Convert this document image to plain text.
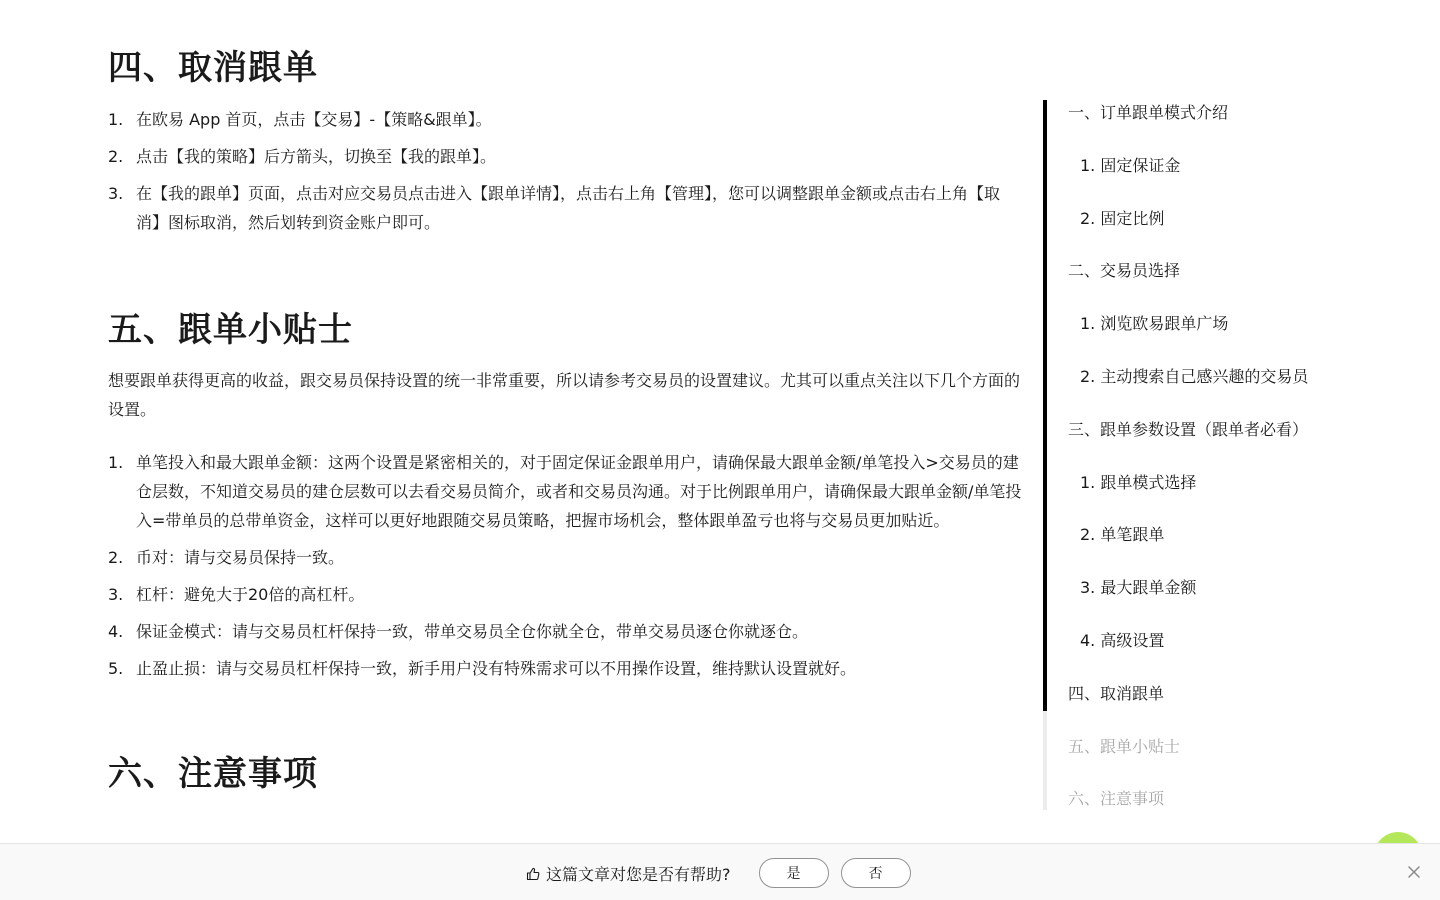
四、取消跟单
1. 在欧易 App 首页，点击【交易】-【策略&跟单】。
2. 点击【我的策略】后方箭头，切换至【我的跟单】。
3. 在【我的跟单】页面，点击对应交易员点击进入【跟单详情】，点击右上角【管理】，您可以调整跟单金额或点击右上角【取消】图标取消，然后划转到资金账户即可。
五、跟单小贴士

想要跟单获得更高的收益，跟交易员保持设置的统一非常重要，所以请参考交易员的设置建议。尤其可以重点关注以下几个方面的设置。

1. 单笔投入和最大跟单金额：这两个设置是紧密相关的，对于固定保证金跟单用户，请确保最大跟单金额/单笔投入>交易员的建仓层数，不知道交易员的建仓层数可以去看交易员简介，或者和交易员沟通。对于比例跟单用户，请确保最大跟单金额/单笔投入=带单员的总带单资金，这样可以更好地跟随交易员策略，把握市场机会，整体跟单盈亏也将与交易员更加贴近。
2. 币对：请与交易员保持一致。
3. 杠杆：避免大于20倍的高杠杆。
4. 保证金模式：请与交易员杠杆保持一致，带单交易员全仓你就全仓，带单交易员逐仓你就逐仓。
5. 止盈止损：请与交易员杠杆保持一致，新手用户没有特殊需求可以不用操作设置，维持默认设置就好。
六、注意事项
一、订单跟单模式介绍
1. 固定保证金
2. 固定比例
二、交易员选择
1. 浏览欧易跟单广场
2. 主动搜索自己感兴趣的交易员
三、跟单参数设置（跟单者必看）
1. 跟单模式选择
2. 单笔跟单
3. 最大跟单金额
4. 高级设置
四、取消跟单
五、跟单小贴士
六、注意事项
这篇文章对您是否有帮助?	是	否
